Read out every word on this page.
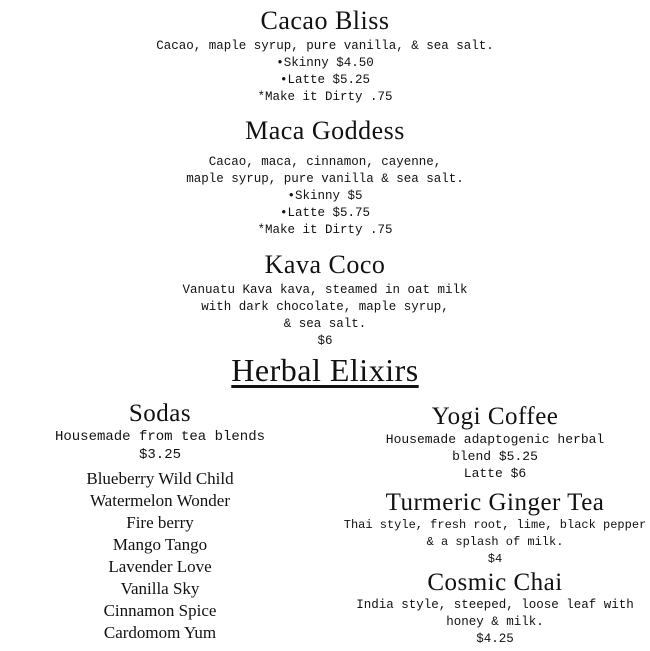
Cacao Bliss
Cacao, maple syrup, pure vanilla, & sea salt.
•Skinny $4.50
•Latte $5.25
*Make it Dirty .75
Maca Goddess
Cacao, maca, cinnamon, cayenne,
maple syrup, pure vanilla & sea salt.
•Skinny $5
•Latte $5.75
*Make it Dirty .75
Kava Coco
Vanuatu Kava kava, steamed in oat milk
with dark chocolate, maple syrup,
& sea salt.
$6
Herbal Elixirs
Sodas
Housemade from tea blends
$3.25
Blueberry Wild Child
Watermelon Wonder
Fire berry
Mango Tango
Lavender Love
Vanilla Sky
Cinnamon Spice
Cardomom Yum
Yogi Coffee
Housemade adaptogenic herbal
blend $5.25
Latte $6
Turmeric Ginger Tea
Thai style, fresh root, lime, black pepper
& a splash of milk.
$4
Cosmic Chai
India style, steeped, loose leaf with
honey & milk.
$4.25
